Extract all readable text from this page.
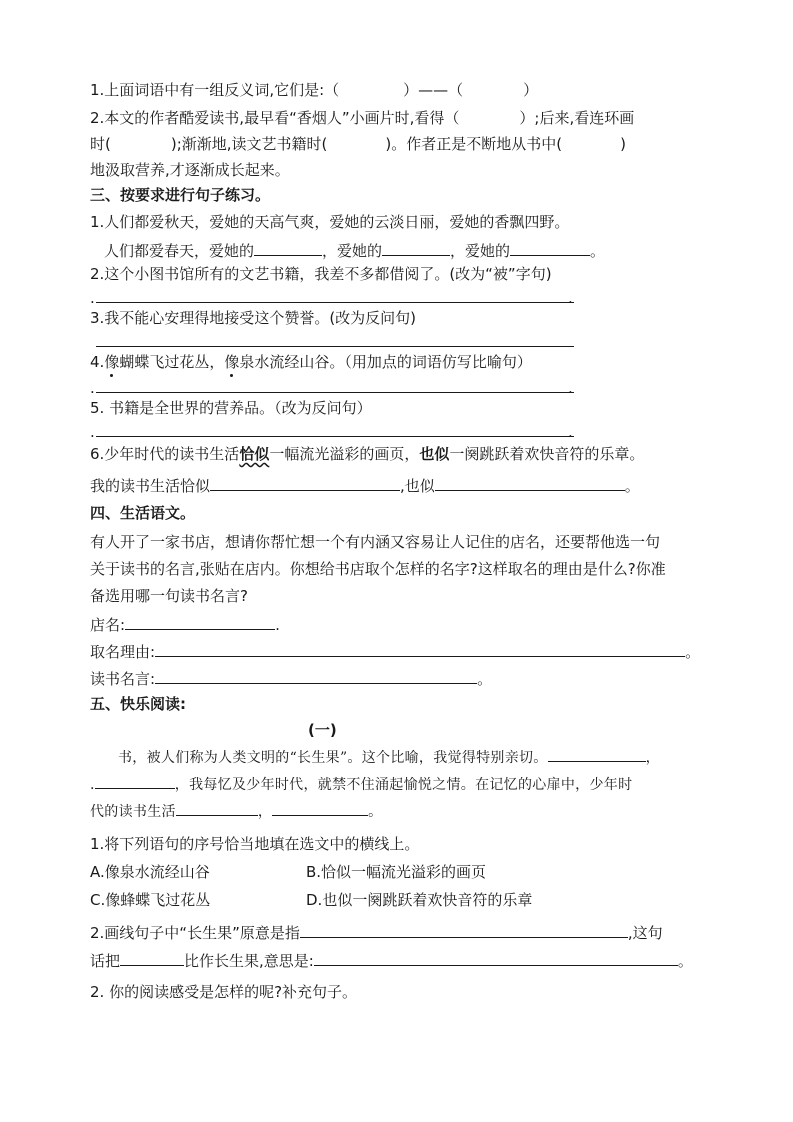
1.上面词语中有一组反义词,它们是:（	）——（	）
2.本文的作者酷爱读书,最早看“香烟人”小画片时,看得（	）;后来,看连环画
时(	);渐渐地,读文艺书籍时(	)。作者正是不断地从书中(	)
地汲取营养,才逐渐成长起来。
三、按要求进行句子练习。
1.人们都爱秋天，爱她的天高气爽，爱她的云淡日丽，爱她的香飘四野。
人们都爱春天，爱她的	，爱她的	，爱她的	。
2.这个小图书馆所有的文艺书籍，我差不多都借阅了。(改为“被”字句)
.	.
3.我不能心安理得地接受这个赞誉。(改为反问句)
4.像蝴蝶飞过花丛，像泉水流经山谷。（用加点的词语仿写比喻句）
.	.
5. 书籍是全世界的营养品。（改为反问句）
.	.
6.少年时代的读书生活恰似一幅流光溢彩的画页，也似一阕跳跃着欢快音符的乐章。
我的读书生活恰似	,也似	。
四、生活语文。
有人开了一家书店，想请你帮忙想一个有内涵又容易让人记住的店名，还要帮他选一句
关于读书的名言,张贴在店内。你想给书店取个怎样的名字?这样取名的理由是什么?你准
备选用哪一句读书名言?
店名:	.
取名理由:	。
读书名言:	。
五、快乐阅读:
(一)
书，被人们称为人类文明的“长生果”。这个比喻，我觉得特别亲切。	，
.	，我每忆及少年时代，就禁不住涌起愉悦之情。在记忆的心扉中，少年时
代的读书生活	，	。
1.将下列语句的序号恰当地填在选文中的横线上。
A.像泉水流经山谷	B.恰似一幅流光溢彩的画页
C.像蜂蝶飞过花丛	D.也似一阕跳跃着欢快音符的乐章
2.画线句子中“长生果”原意是指	,这句
话把	比作长生果,意思是:	。
2. 你的阅读感受是怎样的呢?补充句子。
